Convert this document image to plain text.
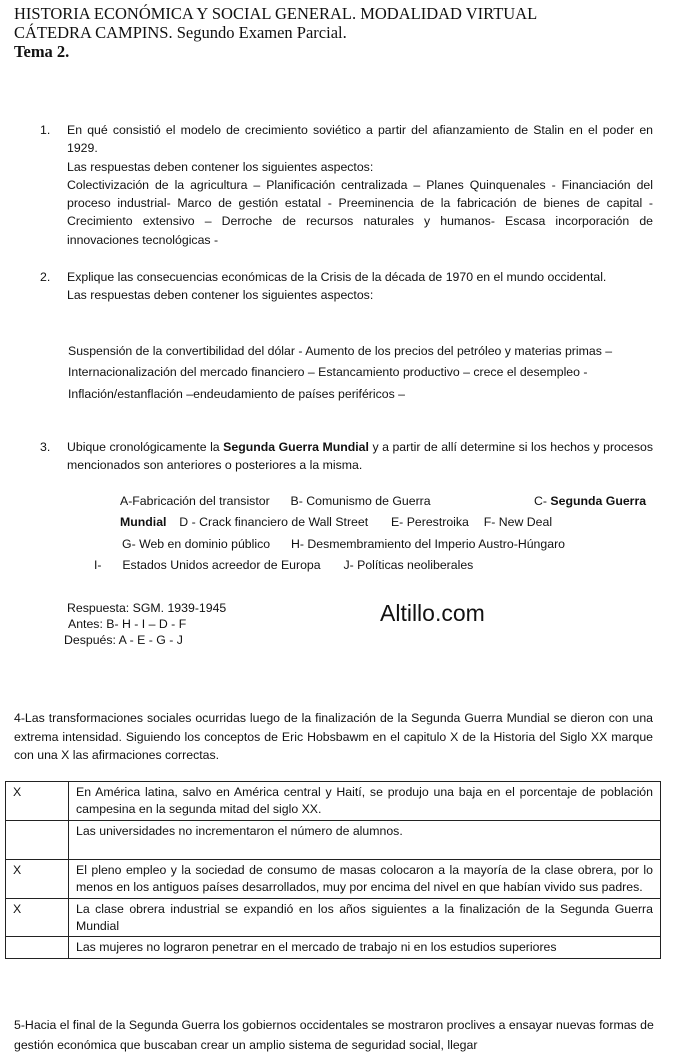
HISTORIA ECONÓMICA Y SOCIAL GENERAL. MODALIDAD VIRTUAL
CÁTEDRA CAMPINS. Segundo Examen Parcial.
Tema 2.
1. En qué consistió el modelo de crecimiento soviético a partir del afianzamiento de Stalin en el poder en 1929.

Las respuestas deben contener los siguientes aspectos:

Colectivización de la agricultura – Planificación centralizada – Planes Quinquenales - Financiación del proceso industrial- Marco de gestión estatal - Preeminencia de la fabricación de bienes de capital - Crecimiento extensivo – Derroche de recursos naturales y humanos- Escasa incorporación de innovaciones tecnológicas -

2. Explique las consecuencias económicas de la Crisis de la década de 1970 en el mundo occidental.

Las respuestas deben contener los siguientes aspectos:

Suspensión de la convertibilidad del dólar - Aumento de los precios del petróleo y materias primas – Internacionalización del mercado financiero – Estancamiento productivo – crece el desempleo - Inflación/estanflación –endeudamiento de países periféricos –
3. Ubique cronológicamente la Segunda Guerra Mundial y a partir de allí determine si los hechos y procesos mencionados son anteriores o posteriores a la misma.
A-Fabricación del transistor B- Comunismo de Guerra	C- Segunda Guerra
Mundial D - Crack financiero de Wall Street E- Perestroika F- New Deal
G- Web en dominio público H- Desmembramiento del Imperio Austro-Húngaro
I- Estados Unidos acreedor de Europa J- Políticas neoliberales
Respuesta: SGM. 1939-1945
Antes: B- H - I – D - F
Después: A - E - G - J
Altillo.com
4-Las transformaciones sociales ocurridas luego de la finalización de la Segunda Guerra Mundial se dieron con una extrema intensidad. Siguiendo los conceptos de Eric Hobsbawm en el capitulo X de la Historia del Siglo XX marque con una X las afirmaciones correctas.
X	En América latina, salvo en América central y Haití, se produjo una baja en el porcentaje de población campesina en la segunda mitad del siglo XX.
	Las universidades no incrementaron el número de alumnos.
X	El pleno empleo y la sociedad de consumo de masas colocaron a la mayoría de la clase obrera, por lo menos en los antiguos países desarrollados, muy por encima del nivel en que habían vivido sus padres.
X	La clase obrera industrial se expandió en los años siguientes a la finalización de la Segunda Guerra Mundial
	Las mujeres no lograron penetrar en el mercado de trabajo ni en los estudios superiores
5-Hacia el final de la Segunda Guerra los gobiernos occidentales se mostraron proclives a ensayar nuevas formas de gestión económica que buscaban crear un amplio sistema de seguridad social, llegar
